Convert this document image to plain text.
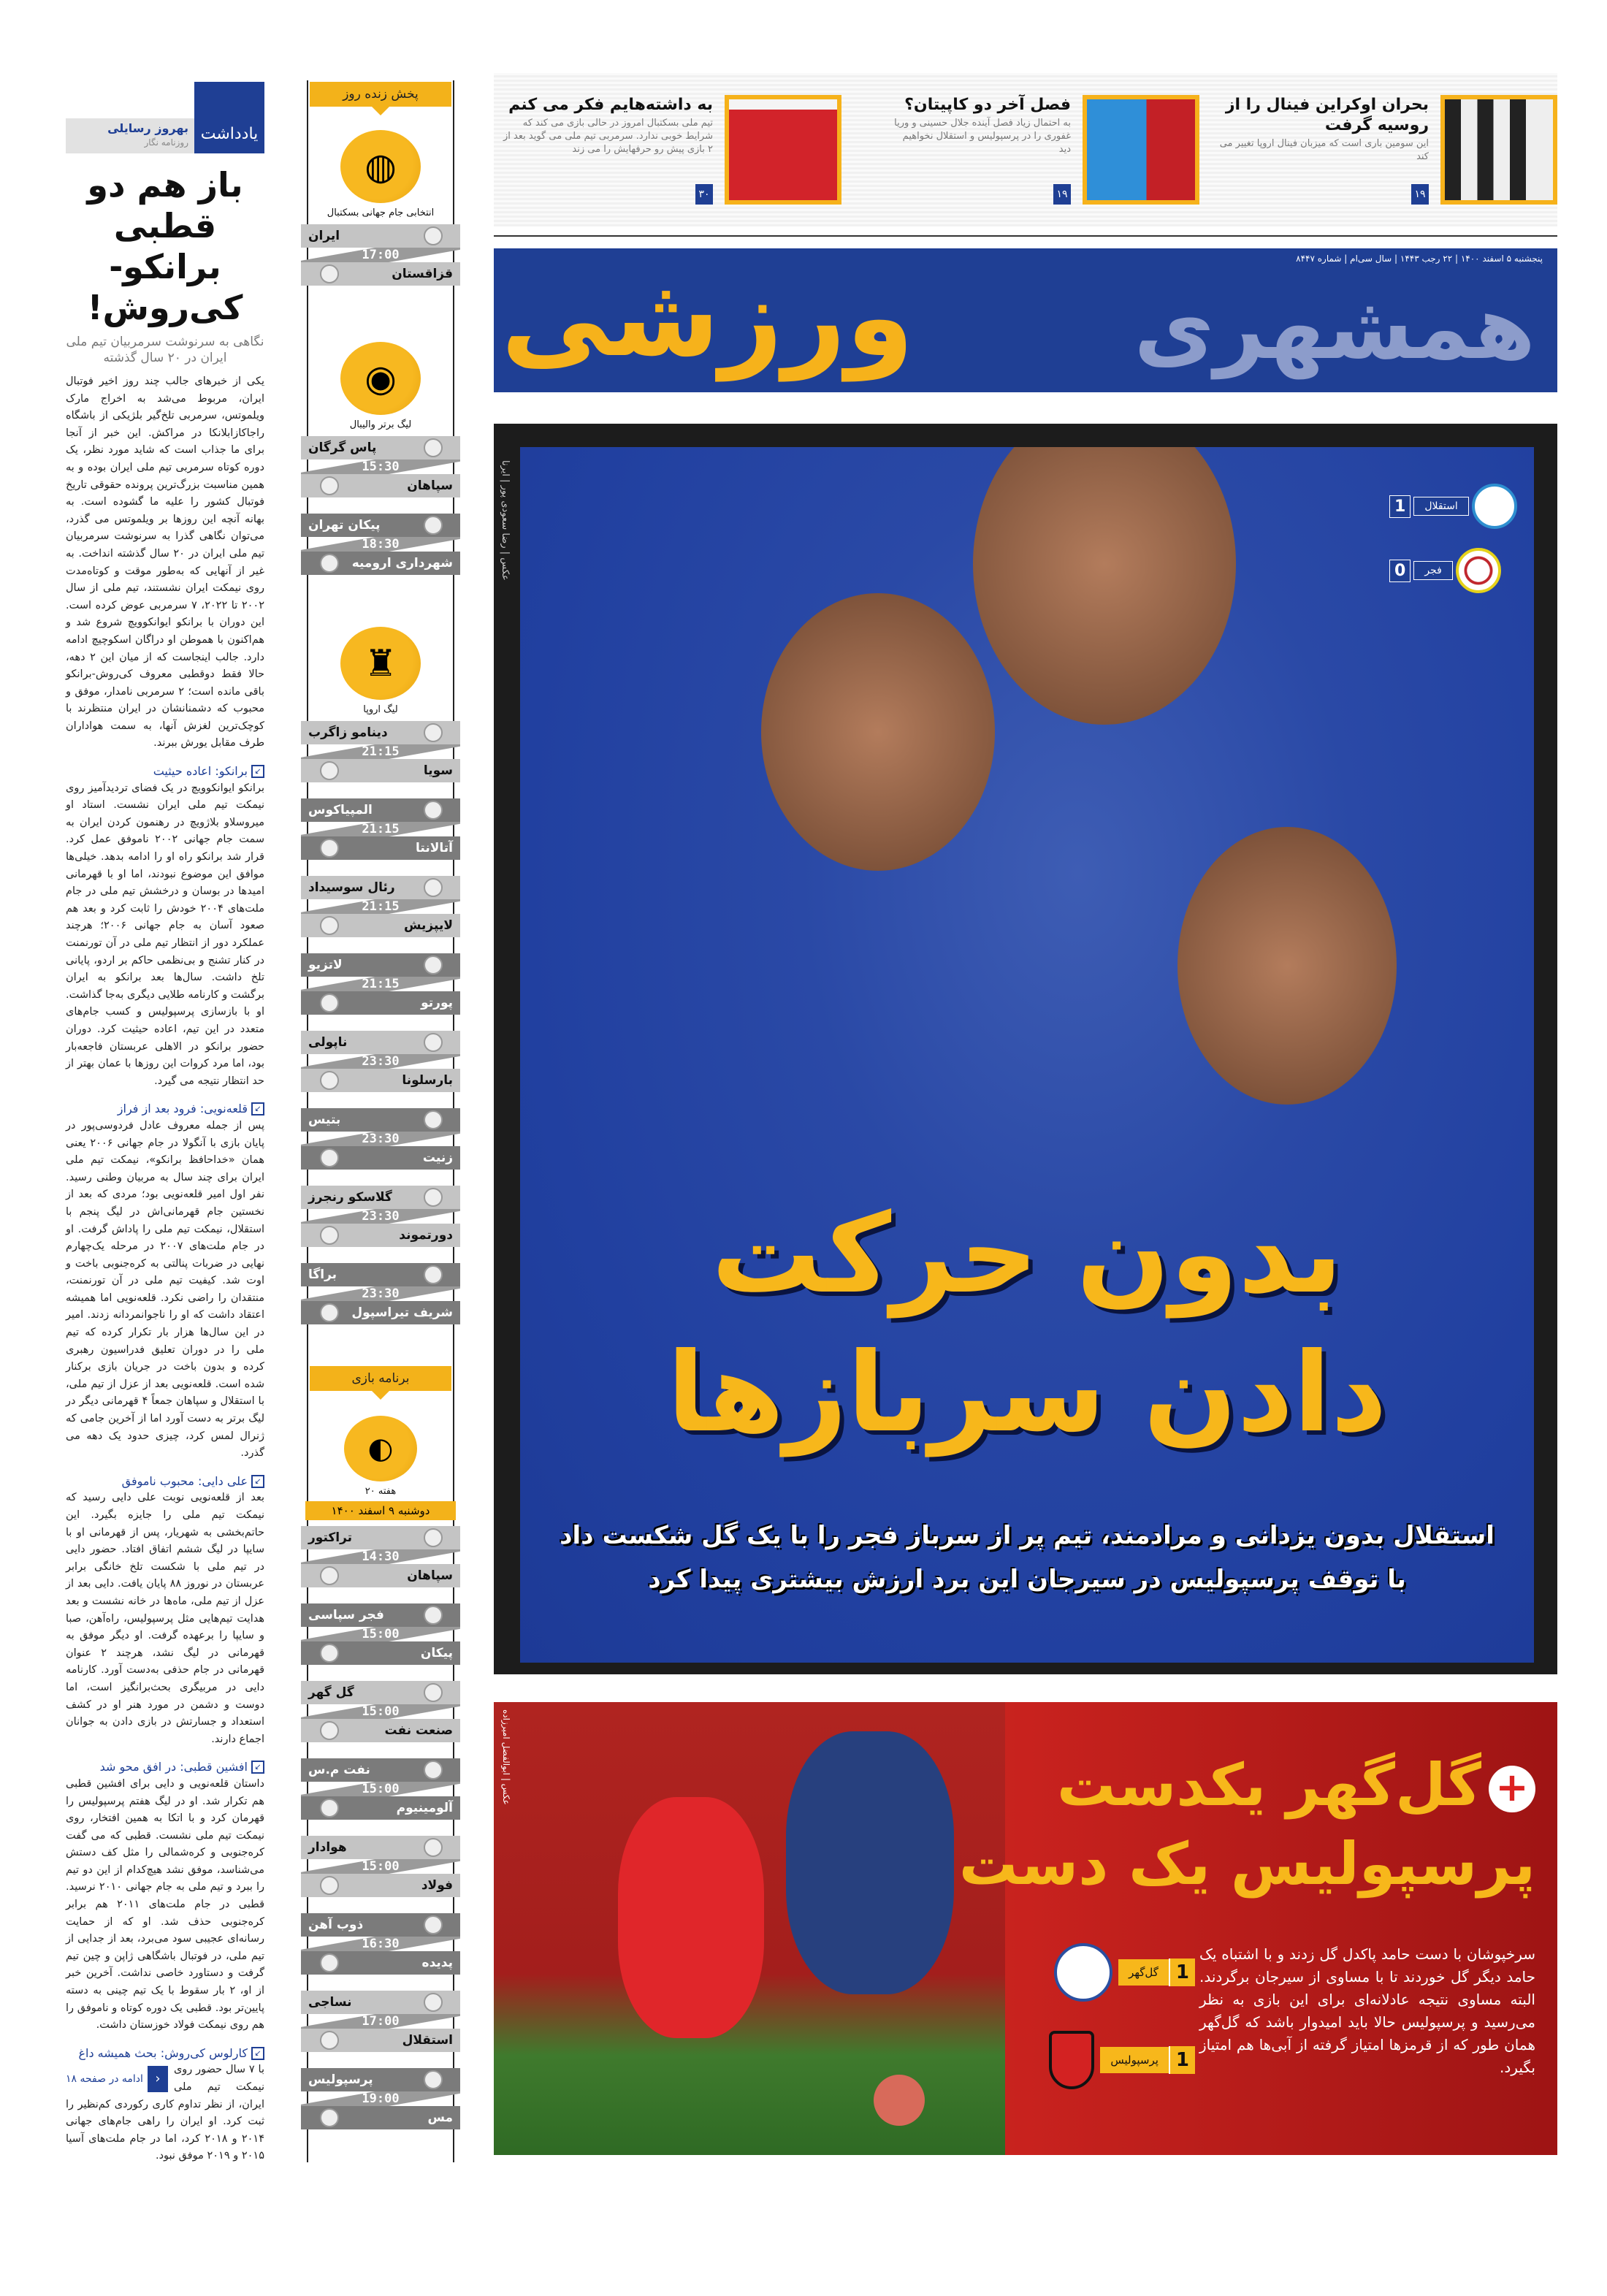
یادداشت
بهروز رسایلی
روزنامه نگار
باز هم دو قطبی برانکو-کی‌روش!
نگاهی به سرنوشت سرمربیان تیم ملی ایران در ۲۰ سال گذشته

یکی از خبرهای جالب چند روز اخیر فوتبال ایران، مربوط می‌شد به اخراج مارک ویلموتس، سرمربی تلخ‌گیر بلژیکی از باشگاه راجاکازابلانکا در مراکش. این خبر از آنجا برای ما جذاب است که شاید مورد نظر، یک دوره کوتاه سرمربی تیم ملی ایران بوده و به همین مناسبت بزرگ‌ترین پرونده حقوقی تاریخ فوتبال کشور را علیه ما گشوده است. به بهانه آنچه این روزها بر ویلموتس می گذرد، می‌توان نگاهی گذرا به سرنوشت سرمربیان تیم ملی ایران در ۲۰ سال گذشته انداخت. به غیر از آنهایی که به‌طور موقت و کوتاه‌مدت روی نیمکت ایران نشستند، تیم ملی از سال ۲۰۰۲ تا ۲۰۲۲، ۷ سرمربی عوض کرده است. این دوران با برانکو ایوانکوویچ شروع شد و هم‌اکنون با هموطن او دراگان اسکوچیچ ادامه دارد. جالب اینجاست که از میان این ۲ دهه، حالا فقط دوقطبی معروف کی‌روش-برانکو باقی مانده است؛ ۲ سرمربی نامدار، موفق و محبوب که دشمنانشان در ایران منتظرند با کوچک‌ترین لغزش آنها، به سمت هواداران طرف مقابل یورش ببرند.

↙
برانکو: اعاده حیثیت

برانکو ایوانکوویچ در یک فضای تردیدآمیز روی نیمکت تیم ملی ایران نشست. استاد او میروسلاو بلاژویچ در رهنمون کردن ایران به سمت جام جهانی ۲۰۰۲ ناموفق عمل کرد. قرار شد برانکو راه او را ادامه بدهد. خیلی‌ها موافق این موضوع نبودند، اما او با قهرمانی امیدها در بوسان و درخشش تیم ملی در جام ملت‌های ۲۰۰۴ خودش را ثابت کرد و بعد هم صعود آسان به جام جهانی ۲۰۰۶؛ هرچند عملکرد دور از انتظار تیم ملی در آن تورنمنت در کنار تشنج و بی‌نظمی حاکم بر اردو، پایانی تلخ داشت. سال‌ها بعد برانکو به ایران برگشت و کارنامه طلایی دیگری به‌جا گذاشت. او با بازسازی پرسپولیس و کسب جام‌های متعدد در این تیم، اعاده حیثیت کرد. دوران حضور برانکو در الاهلی عربستان فاجعه‌بار بود، اما مرد کروات این روزها با عمان بهتر از حد انتظار نتیجه می گیرد.

↙
قلعه‌نویی: فرود بعد از فراز

پس از جمله معروف عادل فردوسی‌پور در پایان بازی با آنگولا در جام جهانی ۲۰۰۶ یعنی همان «خداحافظ برانکو»، نیمکت تیم ملی ایران برای چند سال به مربیان وطنی رسید. نفر اول امیر قلعه‌نویی بود؛ مردی که بعد از نخستین جام قهرمانی‌اش در لیگ پنجم با استقلال، نیمکت تیم ملی را پاداش گرفت. او در جام ملت‌های ۲۰۰۷ در مرحله یک‌چهارم نهایی در ضربات پنالتی به کره‌جنوبی باخت و اوت شد. کیفیت تیم ملی در آن تورنمنت، منتقدان را راضی نکرد. قلعه‌نویی اما همیشه اعتقاد داشت که او را ناجوانمردانه زدند. امیر در این سال‌ها هزار بار تکرار کرده که تیم ملی را در دوران تعلیق فدراسیون رهبری کرده و بدون باخت در جریان بازی برکنار شده است. قلعه‌نویی بعد از عزل از تیم ملی، با استقلال و سپاهان جمعاً ۴ قهرمانی دیگر در لیگ برتر به دست آورد اما از آخرین جامی که ژنرال لمس کرد، چیزی حدود یک دهه می گذرد.

↙
علی دایی: محبوب ناموفق

بعد از قلعه‌نویی نوبت علی دایی رسید که نیمکت تیم ملی را جایزه بگیرد. این حاتم‌بخشی به شهریار، پس از قهرمانی او با سایپا در لیگ ششم اتفاق افتاد. حضور دایی در تیم ملی با شکست تلخ خانگی برابر عربستان در نوروز ۸۸ پایان یافت. دایی بعد از عزل از تیم ملی، ماه‌ها در خانه نشست و بعد هدایت تیم‌هایی مثل پرسپولیس، راه‌آهن، صبا و سایپا را برعهده گرفت. او دیگر موفق به قهرمانی در لیگ نشد، هرچند ۲ عنوان قهرمانی در جام حذفی به‌دست آورد. کارنامه دایی در مربیگری بحث‌برانگیز است، اما دوست و دشمن در مورد هنر او در کشف استعداد و جسارتش در بازی دادن به جوانان اجماع دارند.

↙
افشین قطبی: در افق محو شد

داستان قلعه‌نویی و دایی برای افشین قطبی هم تکرار شد. او در لیگ هفتم پرسپولیس را قهرمان کرد و با اتکا به همین افتخار، روی نیمکت تیم ملی نشست. قطبی که می گفت کره‌جنوبی و کره‌شمالی را مثل کف دستش می‌شناسد، موفق نشد هیچ‌کدام از این دو تیم را ببرد و تیم ملی به جام جهانی ۲۰۱۰ نرسید. قطبی در جام ملت‌های ۲۰۱۱ هم برابر کره‌جنوبی حذف شد. او که از حمایت رسانه‌ای عجیبی سود می‌برد، بعد از جدایی از تیم ملی، در فوتبال باشگاهی ژاپن و چین تیم گرفت و دستاورد خاصی نداشت. آخرین خبر از او، ۲ بار سقوط با یک تیم چینی به دسته پایین‌تر بود. قطبی یک دوره کوتاه و ناموفق را هم روی نیمکت فولاد خوزستان داشت.

↙
کارلوس کی‌روش: بحث همیشه داغ

‹
ادامه در صفحه ۱۸
با ۷ سال حضور روی نیمکت تیم ملی ایران، از نظر تداوم کاری رکوردی کم‌نظیر را ثبت کرد. او ایران را راهی جام‌های جهانی ۲۰۱۴ و ۲۰۱۸ کرد، اما در جام ملت‌های آسیا ۲۰۱۵ و ۲۰۱۹ موفق نبود.

پخش زنده روز
◍
انتخابی جام جهانی بسکتبال
ایران
17:00
قزاقستان
◉
لیگ برتر والیبال
پاس گرگان
15:30
سپاهان
پیکان تهران
18:30
شهرداری ارومیه
♜
لیگ اروپا
دینامو زاگرب
21:15
سویا
المپیاکوس
21:15
آتالانتا
رئال سوسیداد
21:15
لایپزیش
لاتزیو
21:15
پورتو
ناپولی
23:30
بارسلونا
بتیس
23:30
زنیت
گلاسکو رنجرز
23:30
دورتموند
براگا
23:30
شریف تیراسپول
برنامه بازی
◐
هفته ۲۰
دوشنبه ۹ اسفند ۱۴۰۰
تراکتور
14:30
سپاهان
فجر سپاسی
15:00
پیکان
گل گهر
15:00
صنعت نفت
نفت م.س
15:00
آلومینیوم
هوادار
15:00
فولاد
ذوب آهن
16:30
پدیده
نساجی
17:00
استقلال
پرسپولیس
19:00
مس
۱۹
بحران اوکراین فینال را از روسیه گرفت
این سومین باری است که میزبان فینال اروپا تغییر می کند
۱۹
فصل آخر دو کاپیتان؟
به احتمال زیاد فصل آینده جلال حسینی و وریا غفوری را در پرسپولیس و استقلال نخواهیم دید
۳۰
به داشته‌هایم فکر می کنم
تیم ملی بسکتبال امروز در حالی بازی می کند که شرایط خوبی ندارد. سرمربی تیم ملی می گوید بعد از ۲ بازی پیش رو حرفهایش را می زند
پنجشنبه ۵ اسفند ۱۴۰۰ | ۲۲ رجب ۱۴۴۳ | سال سی‌ام | شماره ۸۴۴۷
همشهری
ورزشی
استقلال
1
فجر
0
بدون حرکت
دادن سربازها
استقلال بدون یزدانی و مرادمند، تیم پر از سرباز فجر را با یک گل شکست داد
با توقف پرسپولیس در سیرجان این برد ارزش بیشتری پیدا کرد
عکس | رضا سعودی پور | ایرنا
عکس | ابوالفضل امیرزاده	+گل‌گهر یکدست
پرسپولیس یک دست
1
گل‌گهر
1
پرسپولیس
سرخپوشان با دست حامد پاکدل گل زدند و با اشتباه یک حامد دیگر گل خوردند تا با مساوی از سیرجان برگردند. البته مساوی نتیجه عادلانه‌ای برای این بازی به نظر می‌رسید و پرسپولیس حالا باید امیدوار باشد که گل‌گهر همان طور که از قرمزها امتیاز گرفته از آبی‌ها هم امتیاز بگیرد.
